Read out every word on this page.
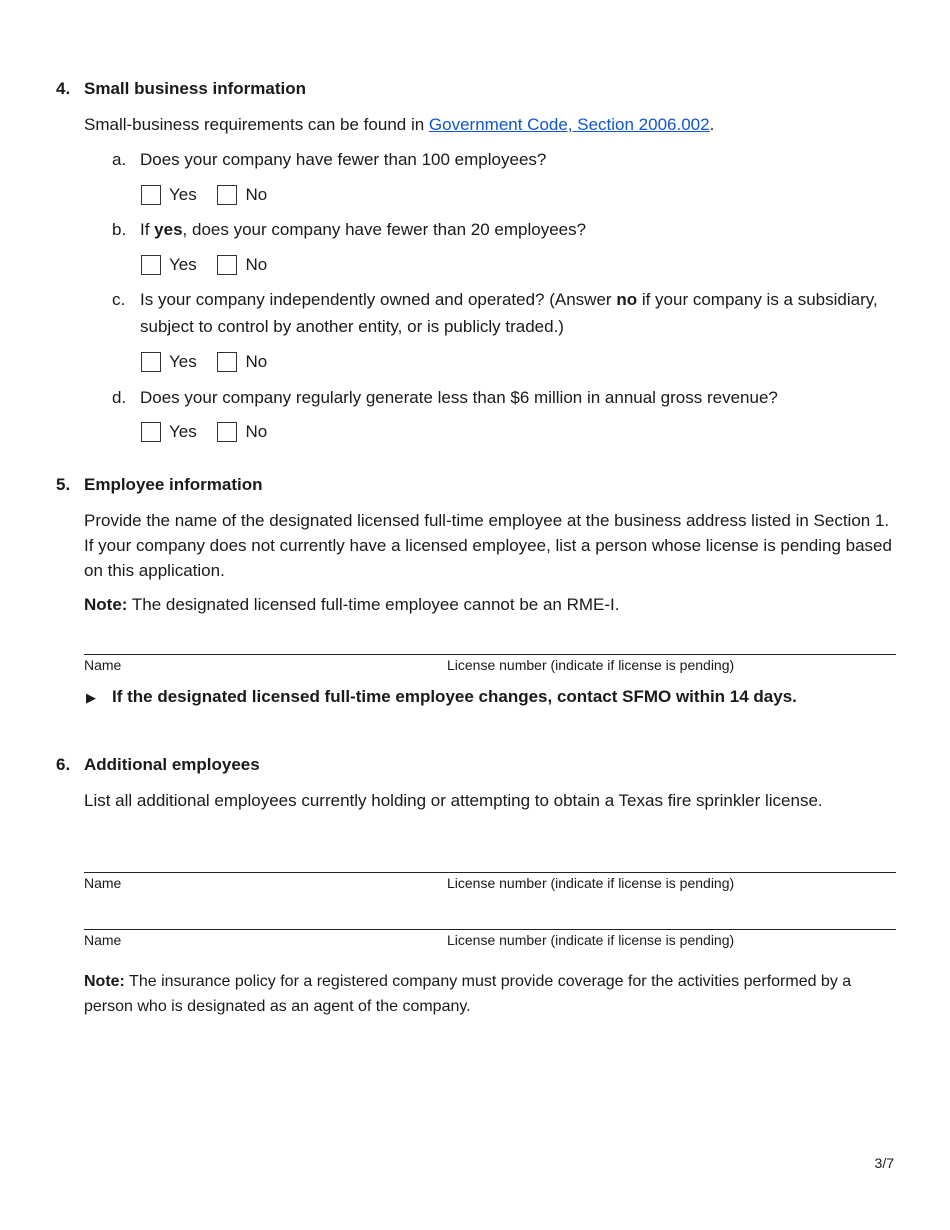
4. Small business information

Small-business requirements can be found in Government Code, Section 2006.002.

a. Does your company have fewer than 100 employees?
Yes
	No
b. If yes, does your company have fewer than 20 employees?
Yes
	No
c. Is your company independently owned and operated? (Answer no if your company is a subsidiary, subject to control by another entity, or is publicly traded.)
Yes
	No
d. Does your company regularly generate less than $6 million in annual gross revenue?
Yes
	No
5. Employee information

Provide the name of the designated licensed full-time employee at the business address listed in Section 1. If your company does not currently have a licensed employee, list a person whose license is pending based on this application.

Note: The designated licensed full-time employee cannot be an RME-I.

Name	License number (indicate if license is pending)
▶ If the designated licensed full-time employee changes, contact SFMO within 14 days.
6. Additional employees

List all additional employees currently holding or attempting to obtain a Texas fire sprinkler license.

Name	License number (indicate if license is pending)
Name	License number (indicate if license is pending)

Note: The insurance policy for a registered company must provide coverage for the activities performed by a person who is designated as an agent of the company.

3/7
